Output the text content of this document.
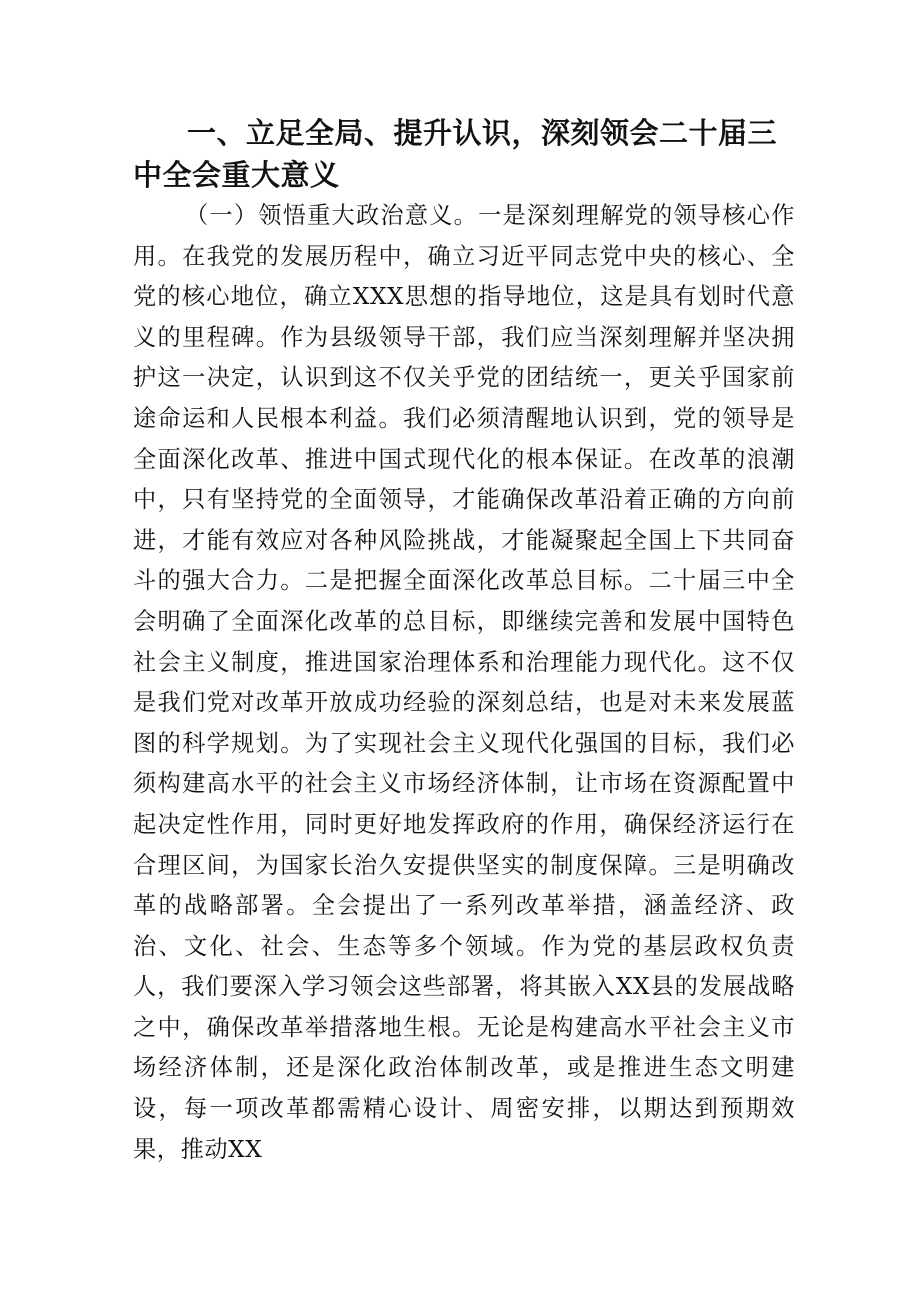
一、立足全局、提升认识，深刻领会二十届三中全会重大意义

（一）领悟重大政治意义。一是深刻理解党的领导核心作用。在我党的发展历程中，确立习近平同志党中央的核心、全党的核心地位，确立XXX思想的指导地位，这是具有划时代意义的里程碑。作为县级领导干部，我们应当深刻理解并坚决拥护这一决定，认识到这不仅关乎党的团结统一，更关乎国家前途命运和人民根本利益。我们必须清醒地认识到，党的领导是全面深化改革、推进中国式现代化的根本保证。在改革的浪潮中，只有坚持党的全面领导，才能确保改革沿着正确的方向前进，才能有效应对各种风险挑战，才能凝聚起全国上下共同奋斗的强大合力。二是把握全面深化改革总目标。二十届三中全会明确了全面深化改革的总目标，即继续完善和发展中国特色社会主义制度，推进国家治理体系和治理能力现代化。这不仅是我们党对改革开放成功经验的深刻总结，也是对未来发展蓝图的科学规划。为了实现社会主义现代化强国的目标，我们必须构建高水平的社会主义市场经济体制，让市场在资源配置中起决定性作用，同时更好地发挥政府的作用，确保经济运行在合理区间，为国家长治久安提供坚实的制度保障。三是明确改革的战略部署。全会提出了一系列改革举措，涵盖经济、政治、文化、社会、生态等多个领域。作为党的基层政权负责人，我们要深入学习领会这些部署，将其嵌入XX县的发展战略之中，确保改革举措落地生根。无论是构建高水平社会主义市场经济体制，还是深化政治体制改革，或是推进生态文明建设，每一项改革都需精心设计、周密安排，以期达到预期效果，推动XX
